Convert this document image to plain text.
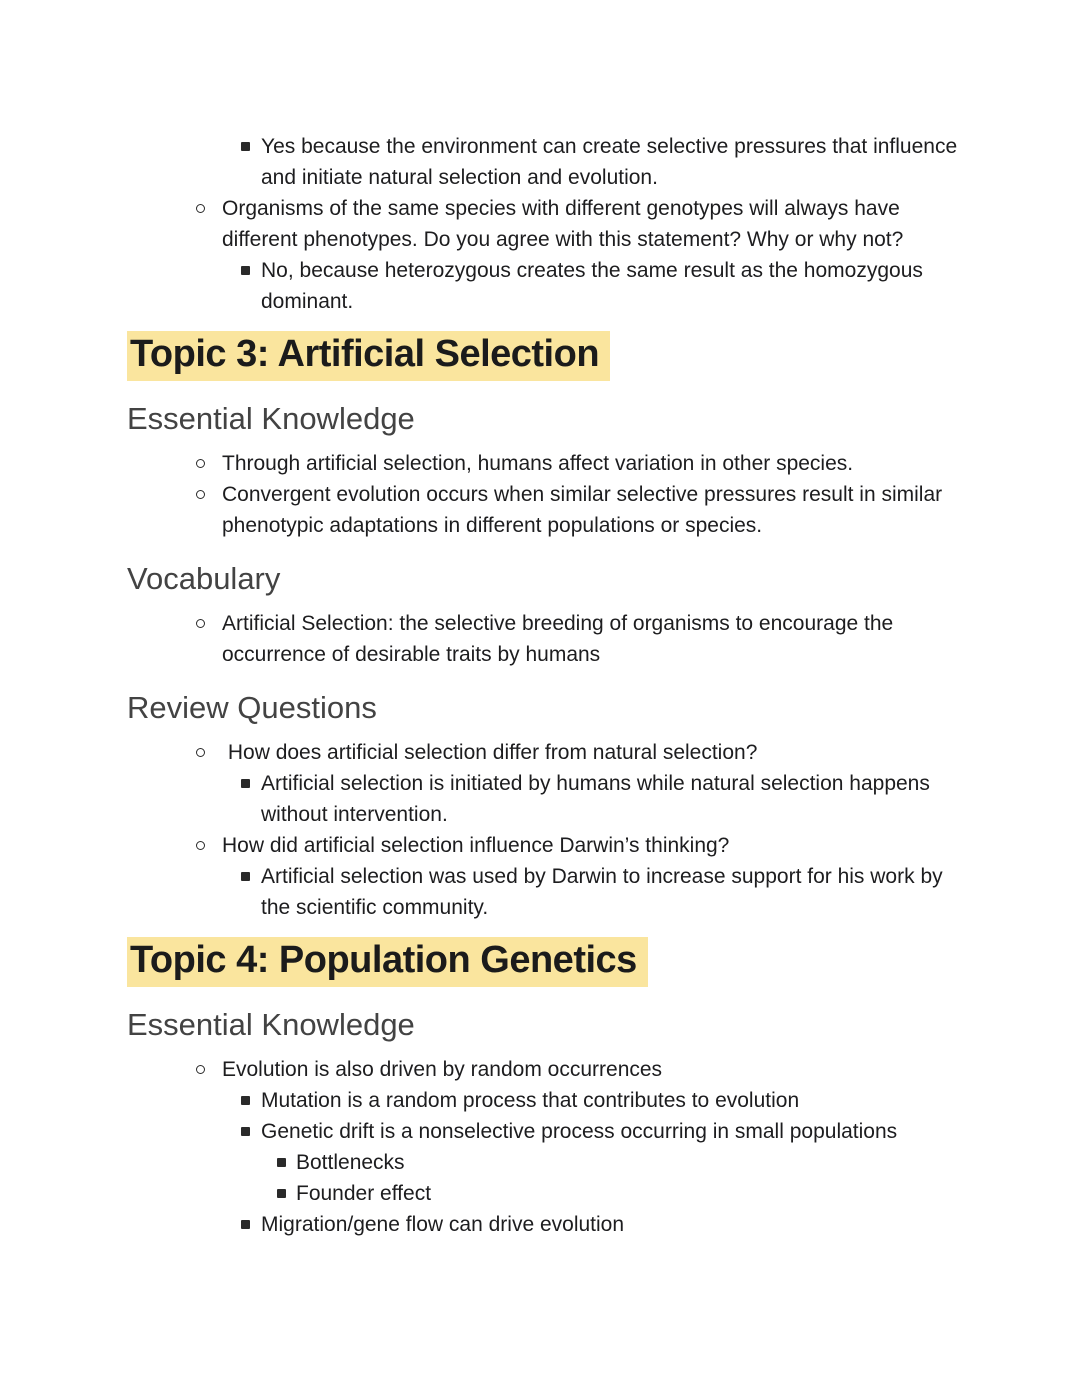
Yes because the environment can create selective pressures that influence and initiate natural selection and evolution.
Organisms of the same species with different genotypes will always have different phenotypes. Do you agree with this statement? Why or why not?
No, because heterozygous creates the same result as the homozygous dominant.
Topic 3: Artificial Selection
Essential Knowledge
Through artificial selection, humans affect variation in other species.
Convergent evolution occurs when similar selective pressures result in similar phenotypic adaptations in different populations or species.
Vocabulary
Artificial Selection: the selective breeding of organisms to encourage the occurrence of desirable traits by humans
Review Questions
How does artificial selection differ from natural selection?
Artificial selection is initiated by humans while natural selection happens without intervention.
How did artificial selection influence Darwin’s thinking?
Artificial selection was used by Darwin to increase support for his work by the scientific community.
Topic 4: Population Genetics
Essential Knowledge
Evolution is also driven by random occurrences
Mutation is a random process that contributes to evolution
Genetic drift is a nonselective process occurring in small populations
Bottlenecks
Founder effect
Migration/gene flow can drive evolution
